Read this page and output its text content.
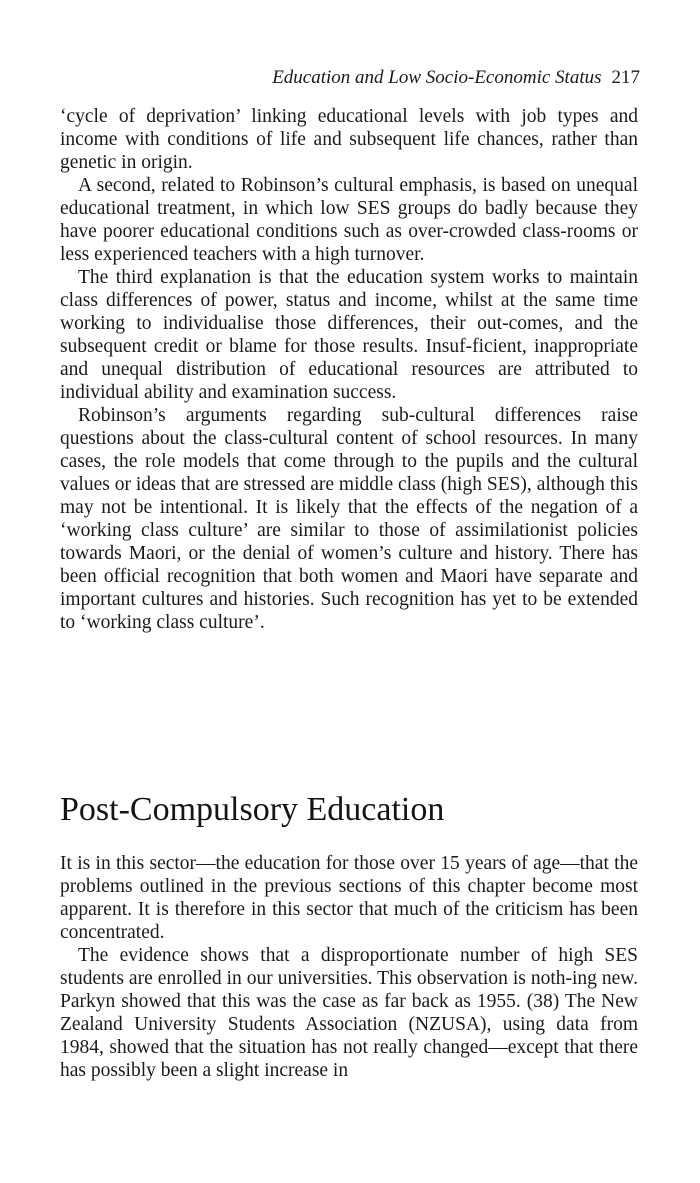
Education and Low Socio-Economic Status 217

‘cycle of deprivation’ linking educational levels with job types and income with conditions of life and subsequent life chances, rather than genetic in origin.

A second, related to Robinson’s cultural emphasis, is based on unequal educational treatment, in which low SES groups do badly because they have poorer educational conditions such as over-crowded class-rooms or less experienced teachers with a high turnover.

The third explanation is that the education system works to maintain class differences of power, status and income, whilst at the same time working to individualise those differences, their out-comes, and the subsequent credit or blame for those results. Insuf-ficient, inappropriate and unequal distribution of educational resources are attributed to individual ability and examination success.

Robinson’s arguments regarding sub-cultural differences raise questions about the class-cultural content of school resources. In many cases, the role models that come through to the pupils and the cultural values or ideas that are stressed are middle class (high SES), although this may not be intentional. It is likely that the effects of the negation of a ‘working class culture’ are similar to those of assimilationist policies towards Maori, or the denial of women’s culture and history. There has been official recognition that both women and Maori have separate and important cultures and histories. Such recognition has yet to be extended to ‘working class culture’.

Post-Compulsory Education

It is in this sector—the education for those over 15 years of age—that the problems outlined in the previous sections of this chapter become most apparent. It is therefore in this sector that much of the criticism has been concentrated.

The evidence shows that a disproportionate number of high SES students are enrolled in our universities. This observation is noth-ing new. Parkyn showed that this was the case as far back as 1955. (38) The New Zealand University Students Association (NZUSA), using data from 1984, showed that the situation has not really changed—except that there has possibly been a slight increase in
